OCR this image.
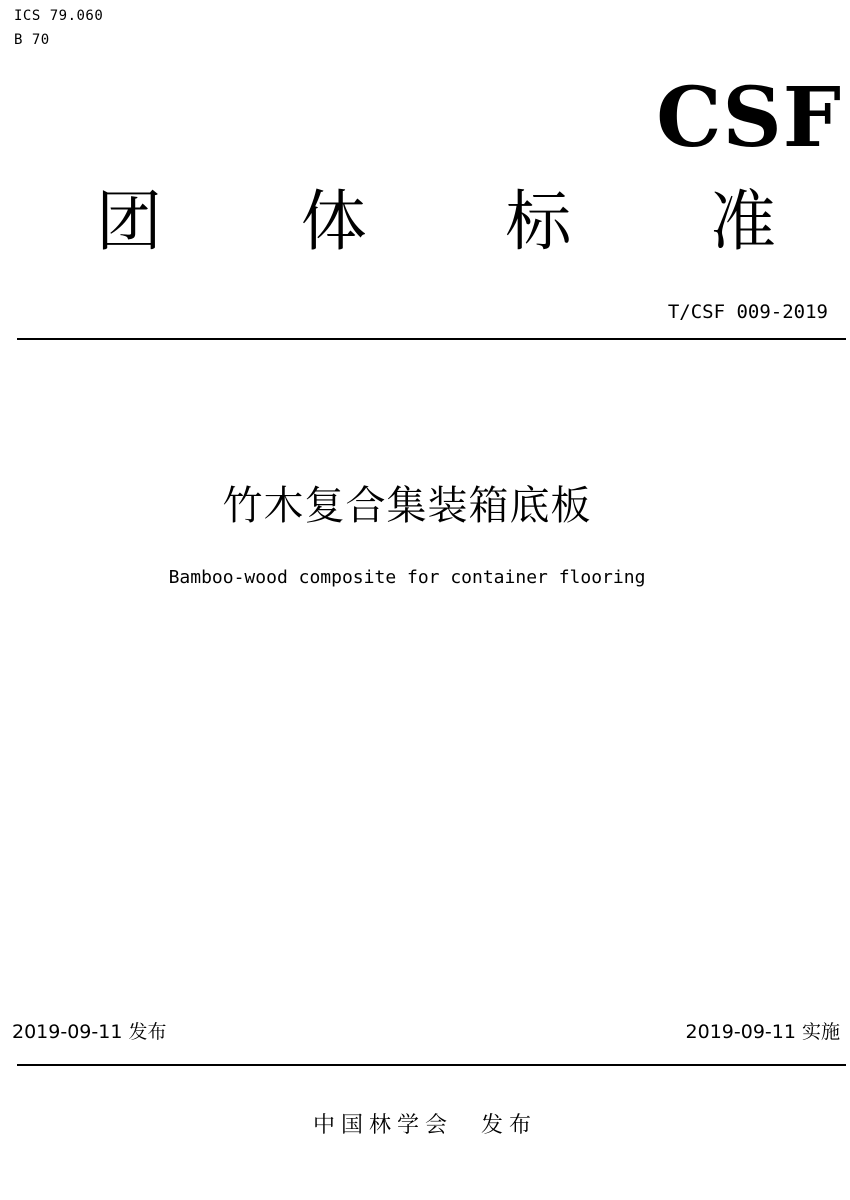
ICS 79.060
B 70
CSF
团 体 标 准
T/CSF 009-2019
竹木复合集装箱底板
Bamboo-wood composite for container flooring
2019-09-11 发布	2019-09-11 实施
中国林学会 发布
